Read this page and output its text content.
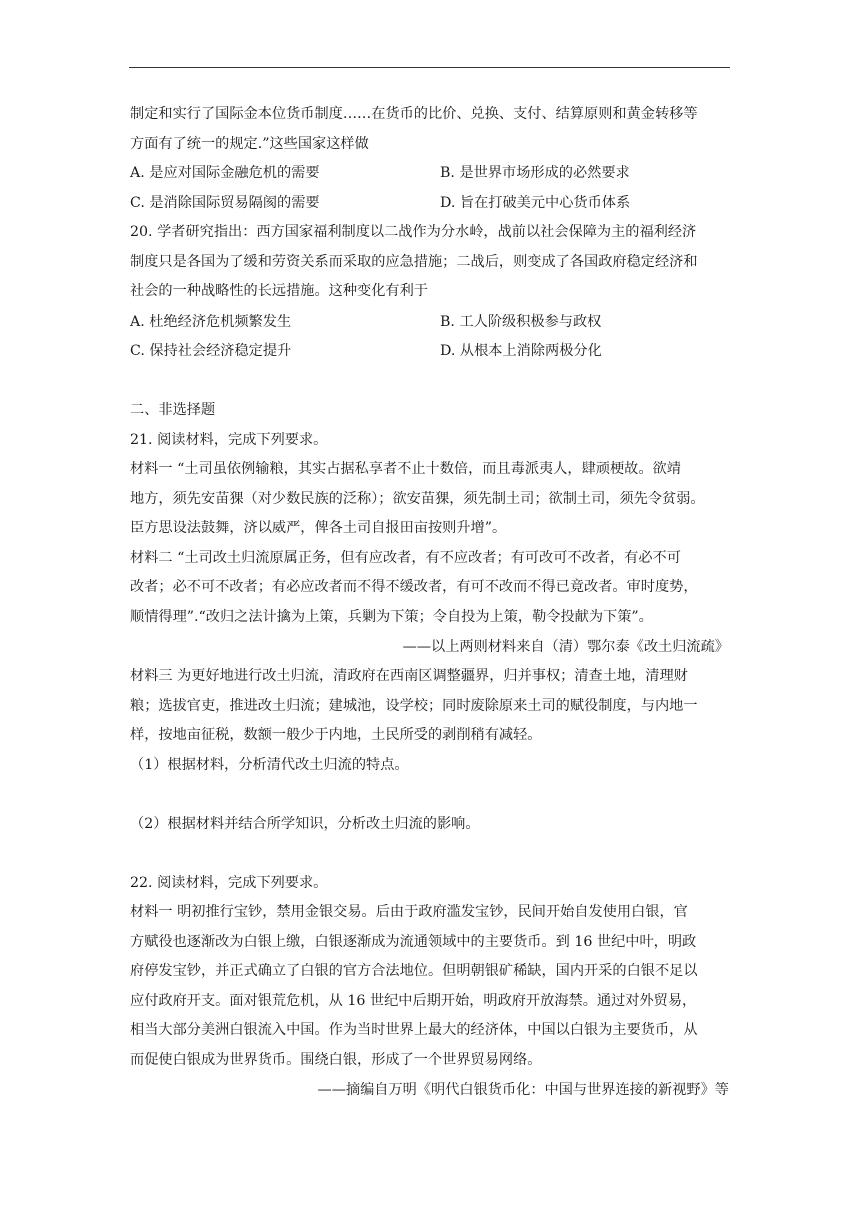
制定和实行了国际金本位货币制度……在货币的比价、兑换、支付、结算原则和黄金转移等
方面有了统一的规定.”这些国家这样做
A. 是应对国际金融危机的需要	B. 是世界市场形成的必然要求
C. 是消除国际贸易隔阂的需要	D. 旨在打破美元中心货币体系
20. 学者研究指出：西方国家福利制度以二战作为分水岭，战前以社会保障为主的福利经济
制度只是各国为了缓和劳资关系而采取的应急措施；二战后，则变成了各国政府稳定经济和
社会的一种战略性的长远措施。这种变化有利于
A. 杜绝经济危机频繁发生	B. 工人阶级积极参与政权
C. 保持社会经济稳定提升	D. 从根本上消除两极分化
二、非选择题
21. 阅读材料，完成下列要求。
材料一 “土司虽依例输粮，其实占据私享者不止十数倍，而且毒派夷人，肆顽梗故。欲靖
地方，须先安苗猓（对少数民族的泛称）；欲安苗猓，须先制土司；欲制土司，须先令贫弱。
臣方思设法鼓舞，济以威严，俾各土司自报田亩按则升增”。
材料二 “土司改土归流原属正务，但有应改者，有不应改者；有可改可不改者，有必不可
改者；必不可不改者；有必应改者而不得不缓改者，有可不改而不得已竟改者。审时度势，
顺情得理”.“改归之法计擒为上策，兵剿为下策；令自投为上策，勒令投献为下策”。
——以上两则材料来自（清）鄂尔泰《改土归流疏》
材料三 为更好地进行改土归流，清政府在西南区调整疆界，归并事权；清查土地，清理财
粮；选拔官吏，推进改土归流；建城池，设学校；同时废除原来土司的赋役制度，与内地一
样，按地亩征税，数额一般少于内地，土民所受的剥削稍有减轻。
（1）根据材料，分析清代改土归流的特点。
（2）根据材料并结合所学知识，分析改土归流的影响。
22. 阅读材料，完成下列要求。
材料一 明初推行宝钞，禁用金银交易。后由于政府滥发宝钞，民间开始自发使用白银，官
方赋役也逐渐改为白银上缴，白银逐渐成为流通领域中的主要货币。到 16 世纪中叶，明政
府停发宝钞，并正式确立了白银的官方合法地位。但明朝银矿稀缺，国内开采的白银不足以
应付政府开支。面对银荒危机，从 16 世纪中后期开始，明政府开放海禁。通过对外贸易，
相当大部分美洲白银流入中国。作为当时世界上最大的经济体，中国以白银为主要货币，从
而促使白银成为世界货币。围绕白银，形成了一个世界贸易网络。
——摘编自万明《明代白银货币化：中国与世界连接的新视野》等
